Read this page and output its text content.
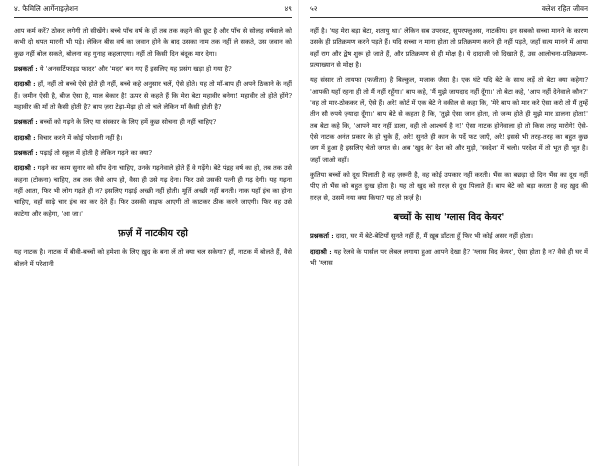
४. फैमिलि आर्गेनाइज़ेशन	४९

आप कर्म करें? ठोकर लगेगी तो सीखेंगे। बच्चे पाँच वर्ष के हों तब तक कहने की छूट है और पाँच से सोलह वर्षवाले को कभी दो थपत मारनी भी पड़े। लेकिन बीस वर्ष का जवान होने के बाद उसका नाम तक नहीं ले सकते, उस जवान को कुछ नहीं बोल सकते, बोलना वह गुनाह कहलाएगा। नहीं तो किसी दिन बंदूक मार देगा।

प्रश्नकर्ता : ये 'अनसर्टिफाइड फादर' और 'मदर' बन गए हैं इसलिए यह प्रसंग खड़ा हो गया है?

दादाश्री : हाँ, नहीं तो बच्चे ऐसे होते ही नहीं, बच्चे कहे अनुसार चलें, ऐसे होते। यह तो माँ-बाप ही अपने ठिकाने के नहीं हैं। जमीन ऐसी है, बीज ऐसा है, माल बेकार है! ऊपर से कहते हैं कि मेरा बेटा महावीर बनेगा! महावीर तो होते होंगे? महावीर की माँ तो कैसी होती है? बाप ज़रा टेढ़ा-मेढ़ा हो तो चले लेकिन माँ कैसी होती है?

प्रश्नकर्ता : बच्चों को गढ़ने के लिए या संस्कार के लिए हमें कुछ सोचना ही नहीं चाहिए?

दादाश्री : विचार करने में कोई परेशानी नहीं है।

प्रश्नकर्ता : पढ़ाई तो स्कूल में होती है लेकिन गढ़ने का क्या?

दादाश्री : गढ़ने का काम सुनार को सौंप देना चाहिए, उनके गढ़नेवाले होते हैं वे गढ़ेंगे। बेटे पंद्रह वर्ष का हो, तब तक उसे कहना (टोकना) चाहिए, तब तक जैसे आप हो, वैसा ही उसे गढ़ देना। फिर उसे उसकी पत्नी ही गढ़ देगी। यह गढ़ना नहीं आता, फिर भी लोग गढ़ते ही न? इसलिए गढ़ाई अच्छी नहीं होती। मूर्ति अच्छी नहीं बनती। नाक यहाँ इंच का होना चाहिए, वहाँ साढ़े चार इंच का कर देते हैं। फिर उसकी वाइफ आएगी तो काटकर ठीक करने जाएगी। फिर वह उसे काटेगा और कहेगा, 'आ जा।'

फ़र्ज़ में नाटकीय रहो

यह नाटक है। नाटक में बीवी-बच्चों को हमेशा के लिए ख़ुद के बना लें तो क्या चल सकेगा? हाँ, नाटक में बोलते हैं, वैसे बोलने में परेशानी

५२	क्लेश रहित जीवन

नहीं है। 'यह मेरा बड़ा बेटा, शतायु था।' लेकिन सब उपरवट, सुपरफ्लुअस, नाटकीय। इन सबको सच्चा मानने के कारण उसके ही प्रतिक्रमण करने पड़ते हैं। यदि सच्चा न माना होता तो प्रतिक्रमण करने ही नहीं पड़ते, जहाँ सत्य मानने में आया वहाँ राग और द्वेष शुरू हो जाते हैं, और प्रतिक्रमण से ही मोक्ष है। ये दादाजी जो दिखाते हैं, उस आलोचना-प्रतिक्रमण-प्रत्याख्यान से मोक्ष है।

यह संसार तो तायफा (फजीता) है बिल्कुल, मजाक जैसा है। एक घंटे यदि बेटे के साथ लड़ें तो बेटा क्या कहेगा? 'आपकी यहाँ रहना ही तो मैं नहीं रहूँगा।' बाप कहे, 'मैं मुझे जायदाद नहीं दूँगा।' तो बेटा कहे, 'आप नहीं देनेवाले कौन?' 'वह तो मार-ठोककर लें, ऐसे हैं। अरे! कोर्ट में एक बेटे ने वकील से कहा कि, 'मेरे बाप को मार करे ऐसा करो तो मैं तुम्हें तीन सौ रुपये ज़्यादा दूँगा।' बाप बेटे से कहता है कि, 'तुझे ऐसा जान होता, तो जन्म होते ही मुझे मार डालना होता!' तब बेटा कहे कि, 'आपने मार नहीं डाला, वही तो आश्चर्य है न!' ऐसा नाटक होनेवाला हो तो किस तरह मारोगे! ऐसे-ऐसे नाटक अनंत प्रकार के हो चुके हैं, अरे! सुनते ही कान के पर्दे फट जाएँ, अरे! इससे भी तरह-तरह का बहुत कुछ जग में हुआ है इसलिए चेतो जगत से। अब 'खुद के' देश को और मुड़ो, 'स्वदेश' में चलो। परदेश में तो भूत ही भूत है। जहाँ जाओ वहाँ।

कुतिया बच्चों को दूध पिलाती है वह ज़रूरी है, वह कोई उपकार नहीं करती। भैंस का बछड़ा दो दिन भैंस का दूध नहीं पीए तो भैंस को बहुत दुःख होता है। यह तो खुद को ग़रज़ से दूध पिलाते हैं। बाप बेटे को बड़ा करता है वह ख़ुद की ग़रज़ से, उसमें नया क्या किया? यह तो फ़र्ज़ है।

बच्चों के साथ 'ग्लास विद केयर'

प्रश्नकर्ता : दादा, घर में बेटे-बेटियाँ सुनते नहीं हैं, मैं ख़ूब डाँटता हूँ फिर भी कोई असर नहीं होता।

दादाश्री : यह रेलवे के पार्सल पर लेबल लगाया हुआ आपने देखा है? 'ग्लास विद केयर', ऐसा होता है न? वैसे ही घर में भी 'ग्लास
